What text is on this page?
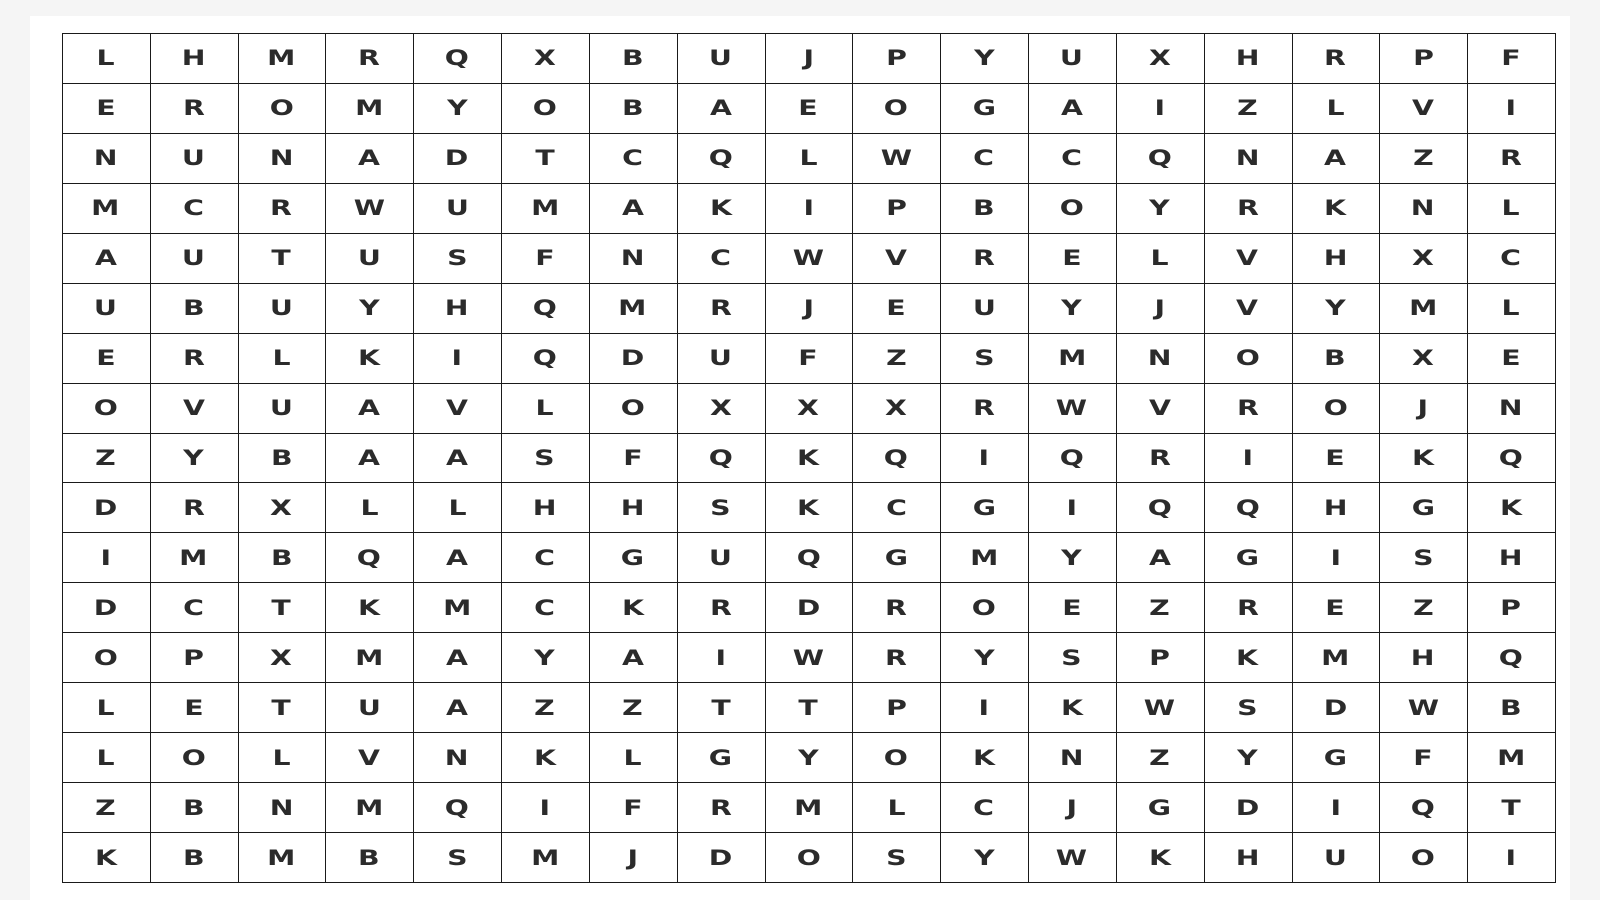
L	H	M	R	Q	X	B	U	J	P	Y	U	X	H	R	P	F
E	R	O	M	Y	O	B	A	E	O	G	A	I	Z	L	V	I
N	U	N	A	D	T	C	Q	L	W	C	C	Q	N	A	Z	R
M	C	R	W	U	M	A	K	I	P	B	O	Y	R	K	N	L
A	U	T	U	S	F	N	C	W	V	R	E	L	V	H	X	C
U	B	U	Y	H	Q	M	R	J	E	U	Y	J	V	Y	M	L
E	R	L	K	I	Q	D	U	F	Z	S	M	N	O	B	X	E
O	V	U	A	V	L	O	X	X	X	R	W	V	R	O	J	N
Z	Y	B	A	A	S	F	Q	K	Q	I	Q	R	I	E	K	Q
D	R	X	L	L	H	H	S	K	C	G	I	Q	Q	H	G	K
I	M	B	Q	A	C	G	U	Q	G	M	Y	A	G	I	S	H
D	C	T	K	M	C	K	R	D	R	O	E	Z	R	E	Z	P
O	P	X	M	A	Y	A	I	W	R	Y	S	P	K	M	H	Q
L	E	T	U	A	Z	Z	T	T	P	I	K	W	S	D	W	B
L	O	L	V	N	K	L	G	Y	O	K	N	Z	Y	G	F	M
Z	B	N	M	Q	I	F	R	M	L	C	J	G	D	I	Q	T
K	B	M	B	S	M	J	D	O	S	Y	W	K	H	U	O	I
